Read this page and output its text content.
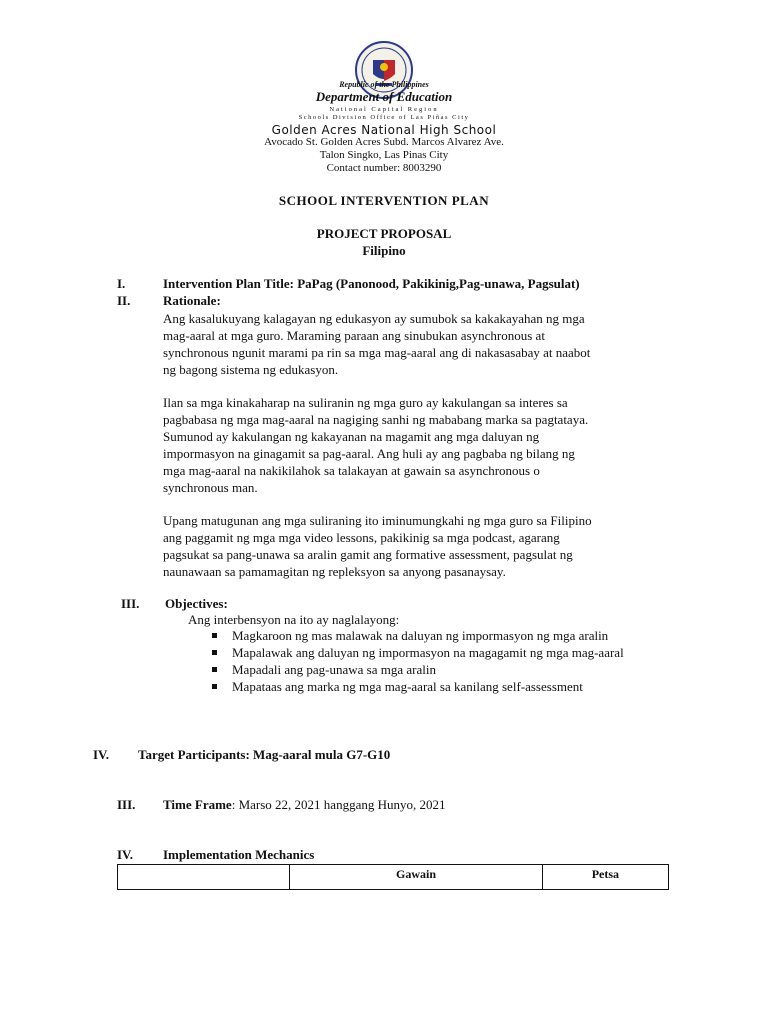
Republic of the Philippines
Department of Education
National Capital Region
Schools Division Office of Las Piñas City
Golden Acres National High School
Avocado St. Golden Acres Subd. Marcos Alvarez Ave.
Talon Singko, Las Pinas City
Contact number: 8003290
SCHOOL INTERVENTION PLAN
PROJECT PROPOSAL
Filipino
I.	Intervention Plan Title: PaPag (Panonood, Pakikinig,Pag-unawa, Pagsulat)
II.	Rationale:
Ang kasalukuyang kalagayan ng edukasyon ay sumubok sa kakakayahan ng mga
mag-aaral at mga guro. Maraming paraan ang sinubukan asynchronous at
synchronous ngunit marami pa rin sa mga mag-aaral ang di nakasasabay at naabot
ng bagong sistema ng edukasyon.
Ilan sa mga kinakaharap na suliranin ng mga guro ay kakulangan sa interes sa
pagbabasa ng mga mag-aaral na nagiging sanhi ng mababang marka sa pagtataya.
Sumunod ay kakulangan ng kakayanan na magamit ang mga daluyan ng
impormasyon na ginagamit sa pag-aaral. Ang huli ay ang pagbaba ng bilang ng
mga mag-aaral na nakikilahok sa talakayan at gawain sa asynchronous o
synchronous man.
Upang matugunan ang mga suliraning ito iminumungkahi ng mga guro sa Filipino
ang paggamit ng mga mga video lessons, pakikinig sa mga podcast, agarang
pagsukat sa pang-unawa sa aralin gamit ang formative assessment, pagsulat ng
naunawaan sa pamamagitan ng repleksyon sa anyong pasanaysay.
III. Objectives:
Ang interbensyon na ito ay naglalayong:
Magkaroon ng mas malawak na daluyan ng impormasyon ng mga aralin
Mapalawak ang daluyan ng impormasyon na magagamit ng mga mag-aaral
Mapadali ang pag-unawa sa mga aralin
Mapataas ang marka ng mga mag-aaral sa kanilang self-assessment
IV. Target Participants: Mag-aaral mula G7-G10
III. Time Frame: Marso 22, 2021 hanggang Hunyo, 2021
IV. Implementation Mechanics
	Gawain	Petsa
